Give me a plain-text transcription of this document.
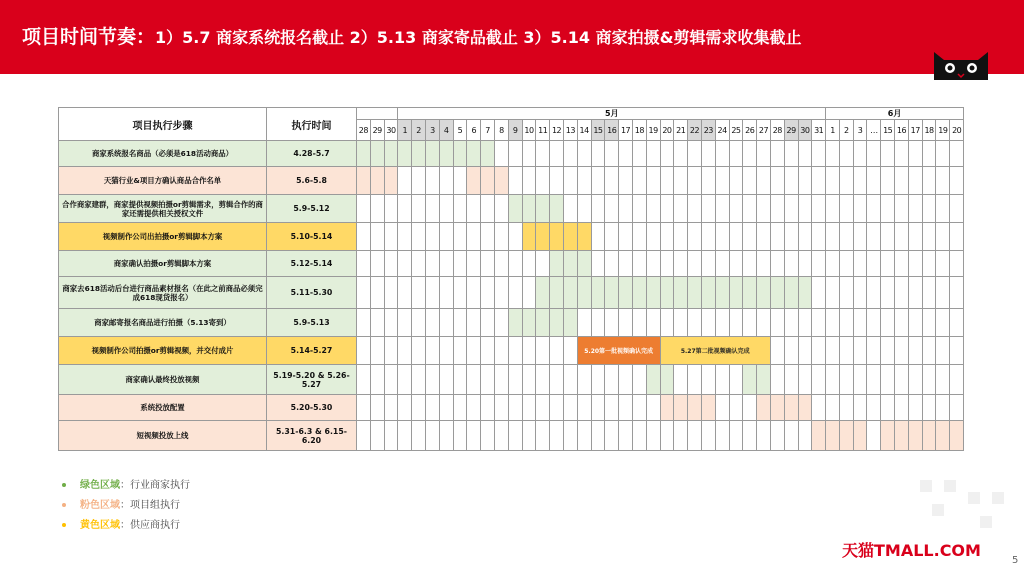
项目时间节奏：1）5.7 商家系统报名截止 2）5.13 商家寄品截止 3）5.14 商家拍摄&剪辑需求收集截止
项目执行步骤	执行时间				5月																															6月									
		28	29	30	1	2	3	4	5	6	7	8	9	10	11	12	13	14	15	16	17	18	19	20	21	22	23	24	25	26	27	28	29	30	31	1	2	3	…	15	16	17	18	19	20
商家系统报名商品（必须是618活动商品）	4.28-5.7																																												
天猫行业&项目方确认商品合作名单	5.6-5.8																																												
合作商家建群，商家提供视频拍摄or剪辑需求，剪辑合作的商家还需提供相关授权文件	5.9-5.12																																												
视频制作公司出拍摄or剪辑脚本方案	5.10-5.14																																												
商家确认拍摄or剪辑脚本方案	5.12-5.14																																												
商家去618活动后台进行商品素材报名（在此之前商品必须完成618现货报名）	5.11-5.30																																												
商家邮寄报名商品进行拍摄（5.13寄到）	5.9-5.13																																												
视频制作公司拍摄or剪辑视频，并交付成片	5.14-5.27																	5.20第一批视频确认完成						5.27第二批视频确认完成																					
商家确认最终投放视频	5.19-5.20 & 5.26-5.27																																												
系统投放配置	5.20-5.30																																												
短视频投放上线	5.31-6.3 & 6.15-6.20																																												
绿色区域：行业商家执行
粉色区域：项目组执行
黄色区域：供应商执行
天猫TMALL.COM
5
